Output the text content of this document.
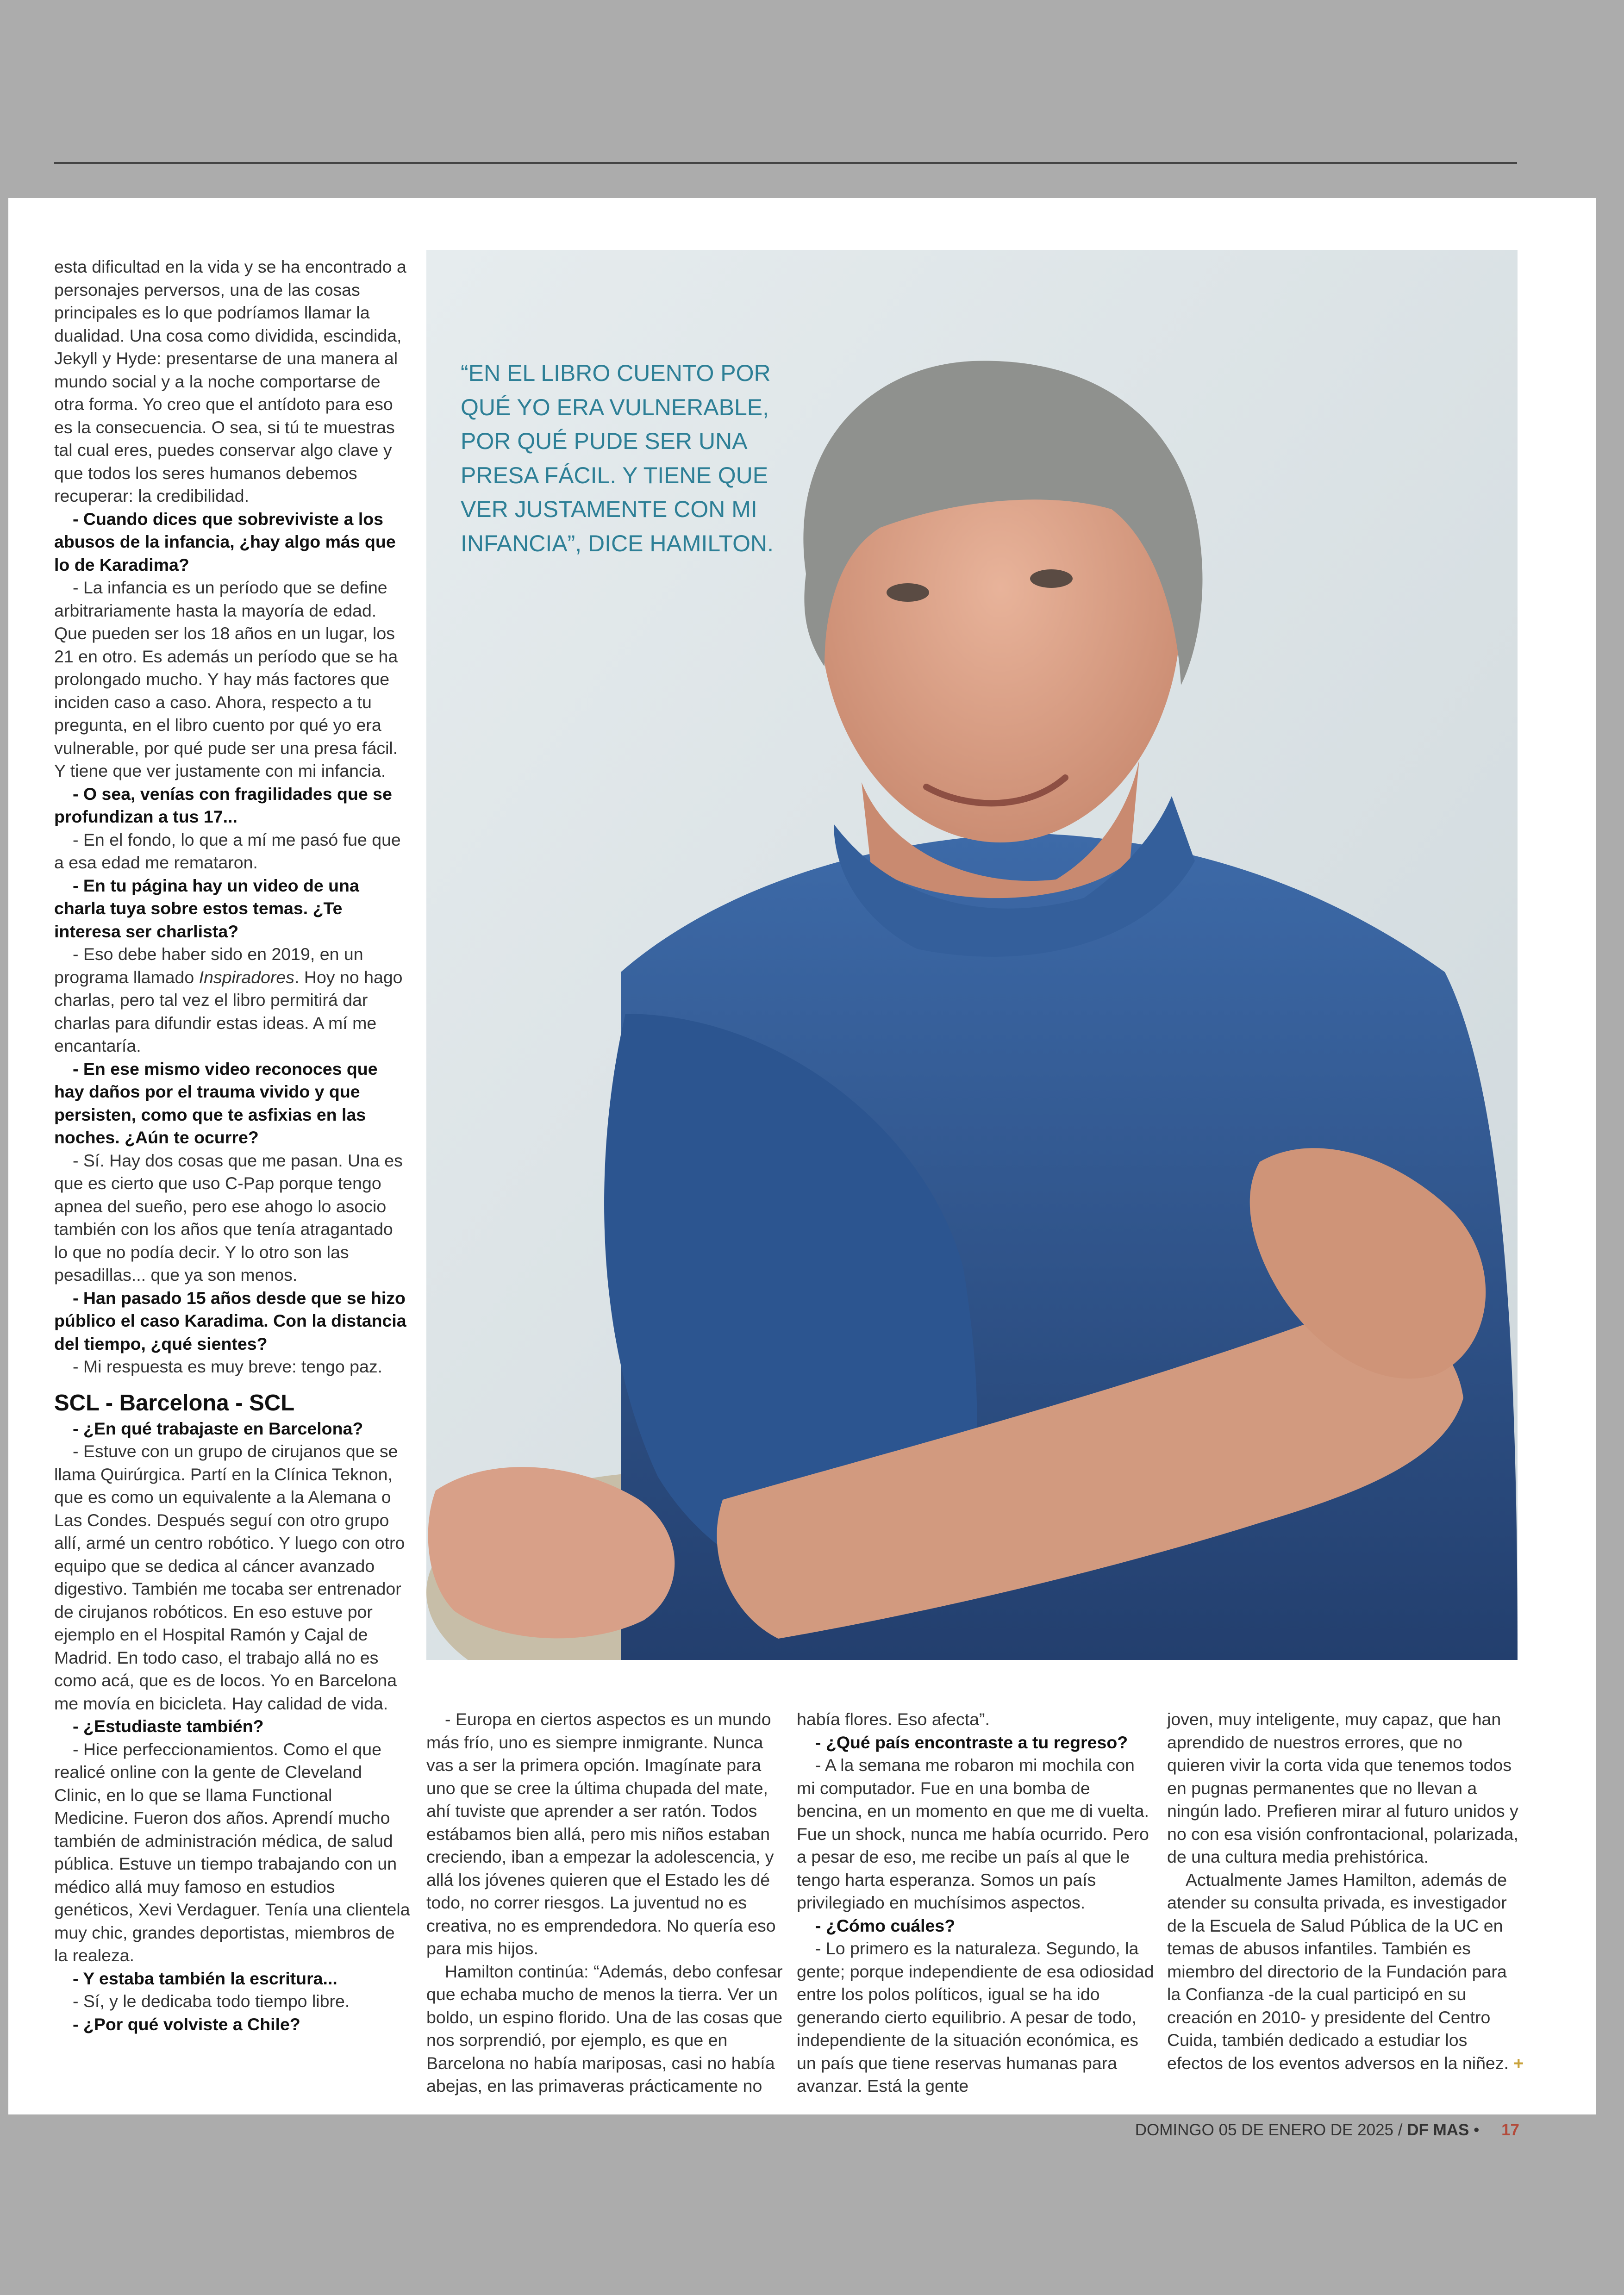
esta dificultad en la vida y se ha encontrado a personajes perversos, una de las cosas principales es lo que podríamos llamar la dualidad. Una cosa como dividida, escindida, Jekyll y Hyde: presentarse de una manera al mundo social y a la noche comportarse de otra forma. Yo creo que el antídoto para eso es la consecuencia. O sea, si tú te muestras tal cual eres, puedes conservar algo clave y que todos los seres humanos debemos recuperar: la credibilidad.

- Cuando dices que sobreviviste a los abusos de la infancia, ¿hay algo más que lo de Karadima?

- La infancia es un período que se define arbitrariamente hasta la mayoría de edad. Que pueden ser los 18 años en un lugar, los 21 en otro. Es además un período que se ha prolongado mucho. Y hay más factores que inciden caso a caso. Ahora, respecto a tu pregunta, en el libro cuento por qué yo era vulnerable, por qué pude ser una presa fácil. Y tiene que ver justamente con mi infancia.

- O sea, venías con fragilidades que se profundizan a tus 17...

- En el fondo, lo que a mí me pasó fue que a esa edad me remataron.

- En tu página hay un video de una charla tuya sobre estos temas. ¿Te interesa ser charlista?

- Eso debe haber sido en 2019, en un programa llamado Inspiradores. Hoy no hago charlas, pero tal vez el libro permitirá dar charlas para difundir estas ideas. A mí me encantaría.

- En ese mismo video reconoces que hay daños por el trauma vivido y que persisten, como que te asfixias en las noches. ¿Aún te ocurre?

- Sí. Hay dos cosas que me pasan. Una es que es cierto que uso C-Pap porque tengo apnea del sueño, pero ese ahogo lo asocio también con los años que tenía atragantado lo que no podía decir. Y lo otro son las pesadillas... que ya son menos.

- Han pasado 15 años desde que se hizo público el caso Karadima. Con la distancia del tiempo, ¿qué sientes?

- Mi respuesta es muy breve: tengo paz.

SCL - Barcelona - SCL

- ¿En qué trabajaste en Barcelona?

- Estuve con un grupo de cirujanos que se llama Quirúrgica. Partí en la Clínica Teknon, que es como un equivalente a la Alemana o Las Condes. Después seguí con otro grupo allí, armé un centro robótico. Y luego con otro equipo que se dedica al cáncer avanzado digestivo. También me tocaba ser entrenador de cirujanos robóticos. En eso estuve por ejemplo en el Hospital Ramón y Cajal de Madrid. En todo caso, el trabajo allá no es como acá, que es de locos. Yo en Barcelona me movía en bicicleta. Hay calidad de vida.

- ¿Estudiaste también?

- Hice perfeccionamientos. Como el que realicé online con la gente de Cleveland Clinic, en lo que se llama Functional Medicine. Fueron dos años. Aprendí mucho también de administración médica, de salud pública. Estuve un tiempo trabajando con un médico allá muy famoso en estudios genéticos, Xevi Verdaguer. Tenía una clientela muy chic, grandes deportistas, miembros de la realeza.

- Y estaba también la escritura...

- Sí, y le dedicaba todo tiempo libre.

- ¿Por qué volviste a Chile?

“EN EL LIBRO CUENTO POR QUÉ YO ERA VULNERABLE, POR QUÉ PUDE SER UNA PRESA FÁCIL. Y TIENE QUE VER JUSTAMENTE CON MI INFANCIA”, DICE HAMILTON.

- Europa en ciertos aspectos es un mundo más frío, uno es siempre inmigrante. Nunca vas a ser la primera opción. Imagínate para uno que se cree la última chupada del mate, ahí tuviste que aprender a ser ratón. Todos estábamos bien allá, pero mis niños estaban creciendo, iban a empezar la adolescencia, y allá los jóvenes quieren que el Estado les dé todo, no correr riesgos. La juventud no es creativa, no es emprendedora. No quería eso para mis hijos.

Hamilton continúa: “Además, debo confesar que echaba mucho de menos la tierra. Ver un boldo, un espino florido. Una de las cosas que nos sorprendió, por ejemplo, es que en Barcelona no había mariposas, casi no había abejas, en las primaveras prácticamente no

había flores. Eso afecta”.

- ¿Qué país encontraste a tu regreso?

- A la semana me robaron mi mochila con mi computador. Fue en una bomba de bencina, en un momento en que me di vuelta. Fue un shock, nunca me había ocurrido. Pero a pesar de eso, me recibe un país al que le tengo harta esperanza. Somos un país privilegiado en muchísimos aspectos.

- ¿Cómo cuáles?

- Lo primero es la naturaleza. Segundo, la gente; porque independiente de esa odiosidad entre los polos políticos, igual se ha ido generando cierto equilibrio. A pesar de todo, independiente de la situación económica, es un país que tiene reservas humanas para avanzar. Está la gente

joven, muy inteligente, muy capaz, que han aprendido de nuestros errores, que no quieren vivir la corta vida que tenemos todos en pugnas permanentes que no llevan a ningún lado. Prefieren mirar al futuro unidos y no con esa visión confrontacional, polarizada, de una cultura media prehistórica.

Actualmente James Hamilton, además de atender su consulta privada, es investigador de la Escuela de Salud Pública de la UC en temas de abusos infantiles. También es miembro del directorio de la Fundación para la Confianza -de la cual participó en su creación en 2010- y presidente del Centro Cuida, también dedicado a estudiar los efectos de los eventos adversos en la niñez. +

DOMINGO 05 DE ENERO DE 2025 / DF MAS • 17
